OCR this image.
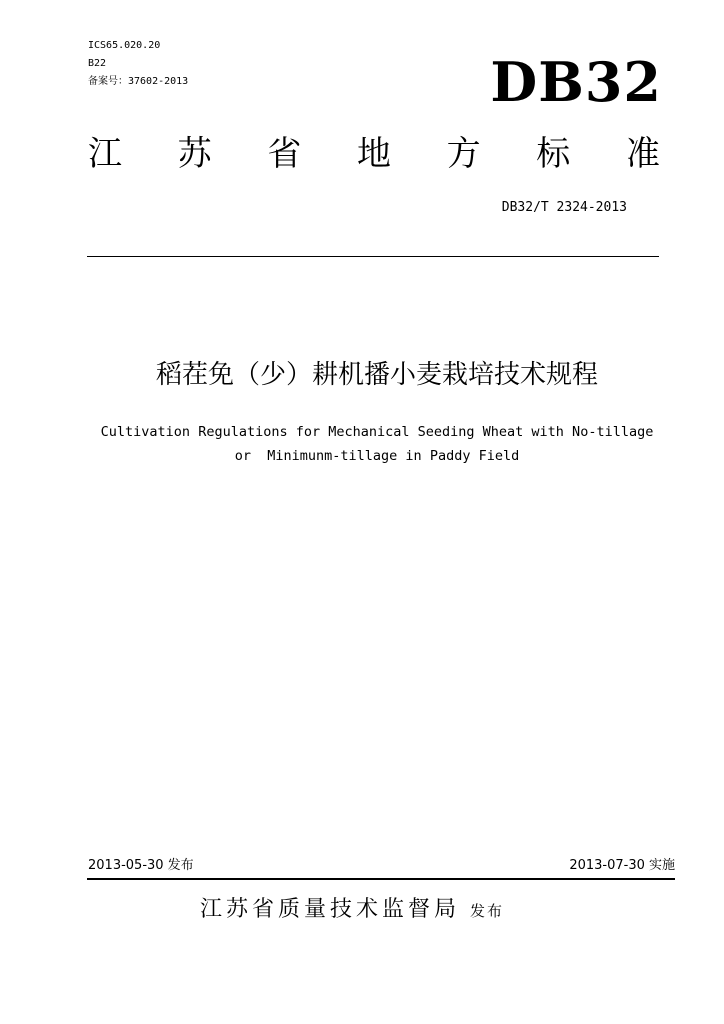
ICS65.020.20
B22
备案号：37602-2013	DB32
江 苏 省 地 方 标 准
DB32/T 2324-2013
稻茬免（少）耕机播小麦栽培技术规程
Cultivation Regulations for Mechanical Seeding Wheat with No-tillage
or  Minimunm-tillage in Paddy Field
2013-05-30 发布	2013-07-30 实施
江苏省质量技术监督局 发布
